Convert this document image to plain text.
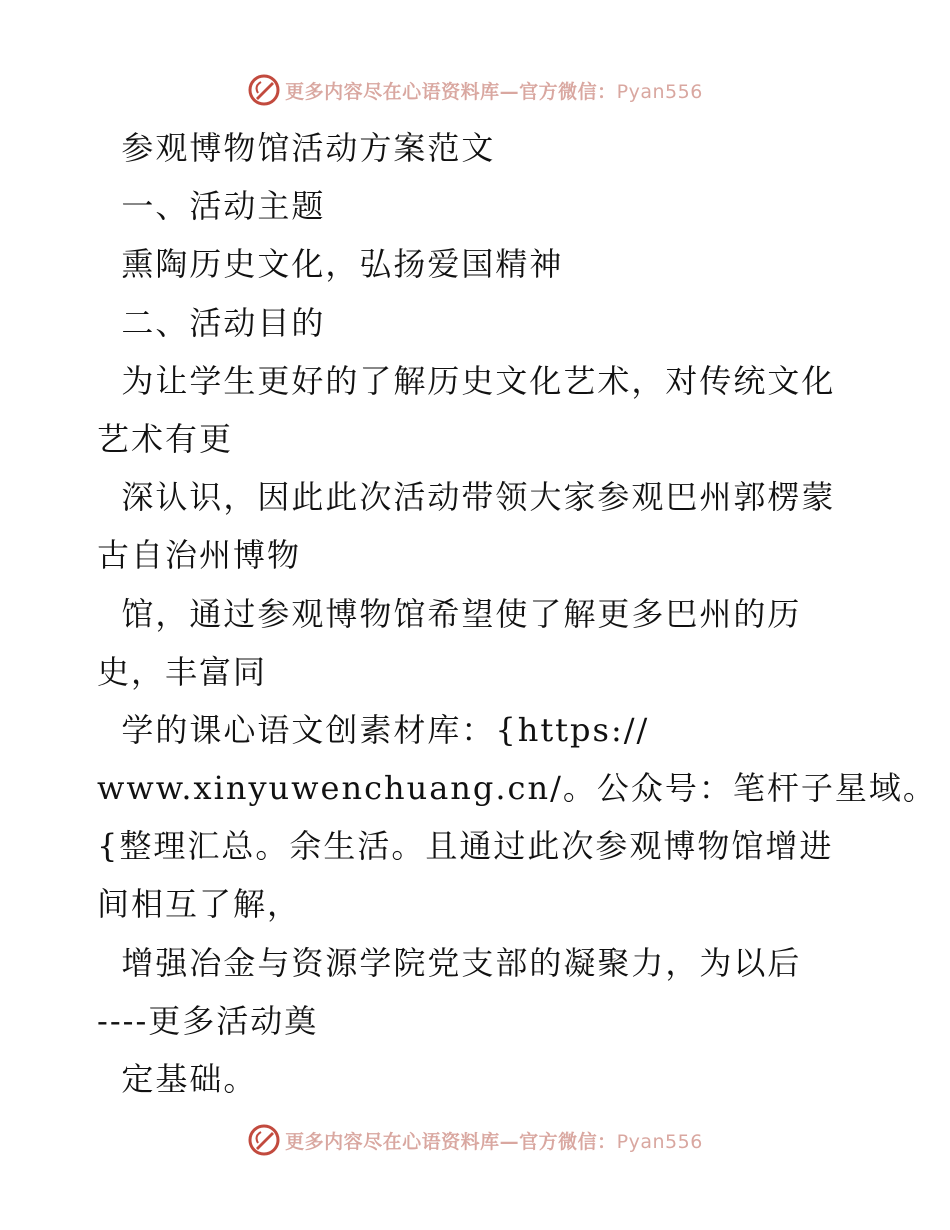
更多内容尽在心语资料库—官方微信：Pyan556
参观博物馆活动方案范文
一、活动主题
熏陶历史文化，弘扬爱国精神
二、活动目的
为让学生更好的了解历史文化艺术，对传统文化
艺术有更
深认识，因此此次活动带领大家参观巴州郭楞蒙
古自治州博物
馆，通过参观博物馆希望使了解更多巴州的历
史，丰富同
学的课心语文创素材库：{https://
www.xinyuwenchuang.cn/。公众号：笔杆子星域。
{整理汇总。余生活。且通过此次参观博物馆增进
间相互了解，
增强冶金与资源学院党支部的凝聚力，为以后
----更多活动奠
定基础。
更多内容尽在心语资料库—官方微信：Pyan556
